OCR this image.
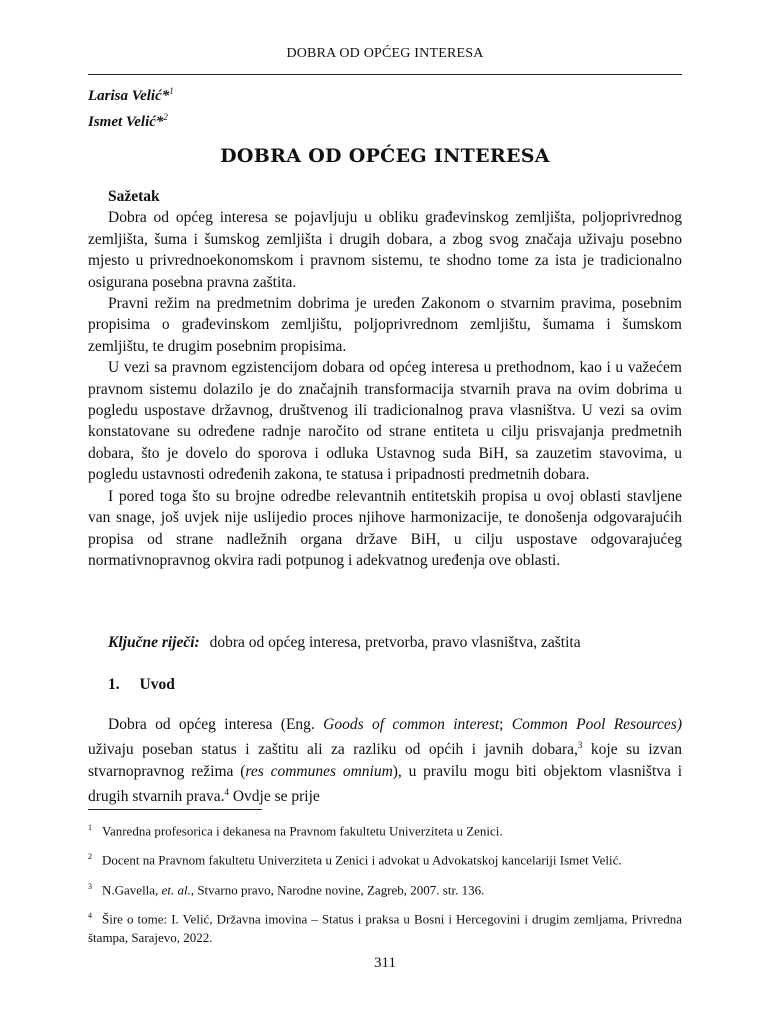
DOBRA OD OPĆEG INTERESA
Larisa Velić*$^1$
Ismet Velić*$^2$
DOBRA OD OPĆEG INTERESA

Sažetak

Dobra od općeg interesa se pojavljuju u obliku građevinskog zemljišta, poljoprivrednog zemljišta, šuma i šumskog zemljišta i drugih dobara, a zbog svog značaja uživaju posebno mjesto u privrednoekonomskom i pravnom sistemu, te shodno tome za ista je tradicionalno osigurana posebna pravna zaštita.

Pravni režim na predmetnim dobrima je uređen Zakonom o stvarnim pravima, posebnim propisima o građevinskom zemljištu, poljoprivrednom zemljištu, šumama i šumskom zemljištu, te drugim posebnim propisima.

U vezi sa pravnom egzistencijom dobara od općeg interesa u prethodnom, kao i u važećem pravnom sistemu dolazilo je do značajnih transformacija stvarnih prava na ovim dobrima u pogledu uspostave državnog, društvenog ili tradicionalnog prava vlasništva. U vezi sa ovim konstatovane su određene radnje naročito od strane entiteta u cilju prisvajanja predmetnih dobara, što je dovelo do sporova i odluka Ustavnog suda BiH, sa zauzetim stavovima, u pogledu ustavnosti određenih zakona, te statusa i pripadnosti predmetnih dobara.

I pored toga što su brojne odredbe relevantnih entitetskih propisa u ovoj oblasti stavljene van snage, još uvjek nije uslijedio proces njihove harmonizacije, te donošenja odgovarajućih propisa od strane nadležnih organa države BiH, u cilju uspostave odgovarajućeg normativnopravnog okvira radi potpunog i adekvatnog uređenja ove oblasti.

Ključne riječi: dobra od općeg interesa, pretvorba, pravo vlasništva, zaštita
1. Uvod

Dobra od općeg interesa (Eng. Goods of common interest; Common Pool Resources) uživaju poseban status i zaštitu ali za razliku od općih i javnih dobara,$^3$ koje su izvan stvarnopravnog režima (res communes omnium), u pravilu mogu biti objektom vlasništva i drugih stvarnih prava.$^4$ Ovdje se prije

$^1$ Vanredna profesorica i dekanesa na Pravnom fakultetu Univerziteta u Zenici.

$^2$ Docent na Pravnom fakultetu Univerziteta u Zenici i advokat u Advokatskoj kancelariji Ismet Velić.

$^3$ N.Gavella, et. al., Stvarno pravo, Narodne novine, Zagreb, 2007. str. 136.

$^4$ Šire o tome: I. Velić, Državna imovina – Status i praksa u Bosni i Hercegovini i drugim zemljama, Privredna štampa, Sarajevo, 2022.

311
